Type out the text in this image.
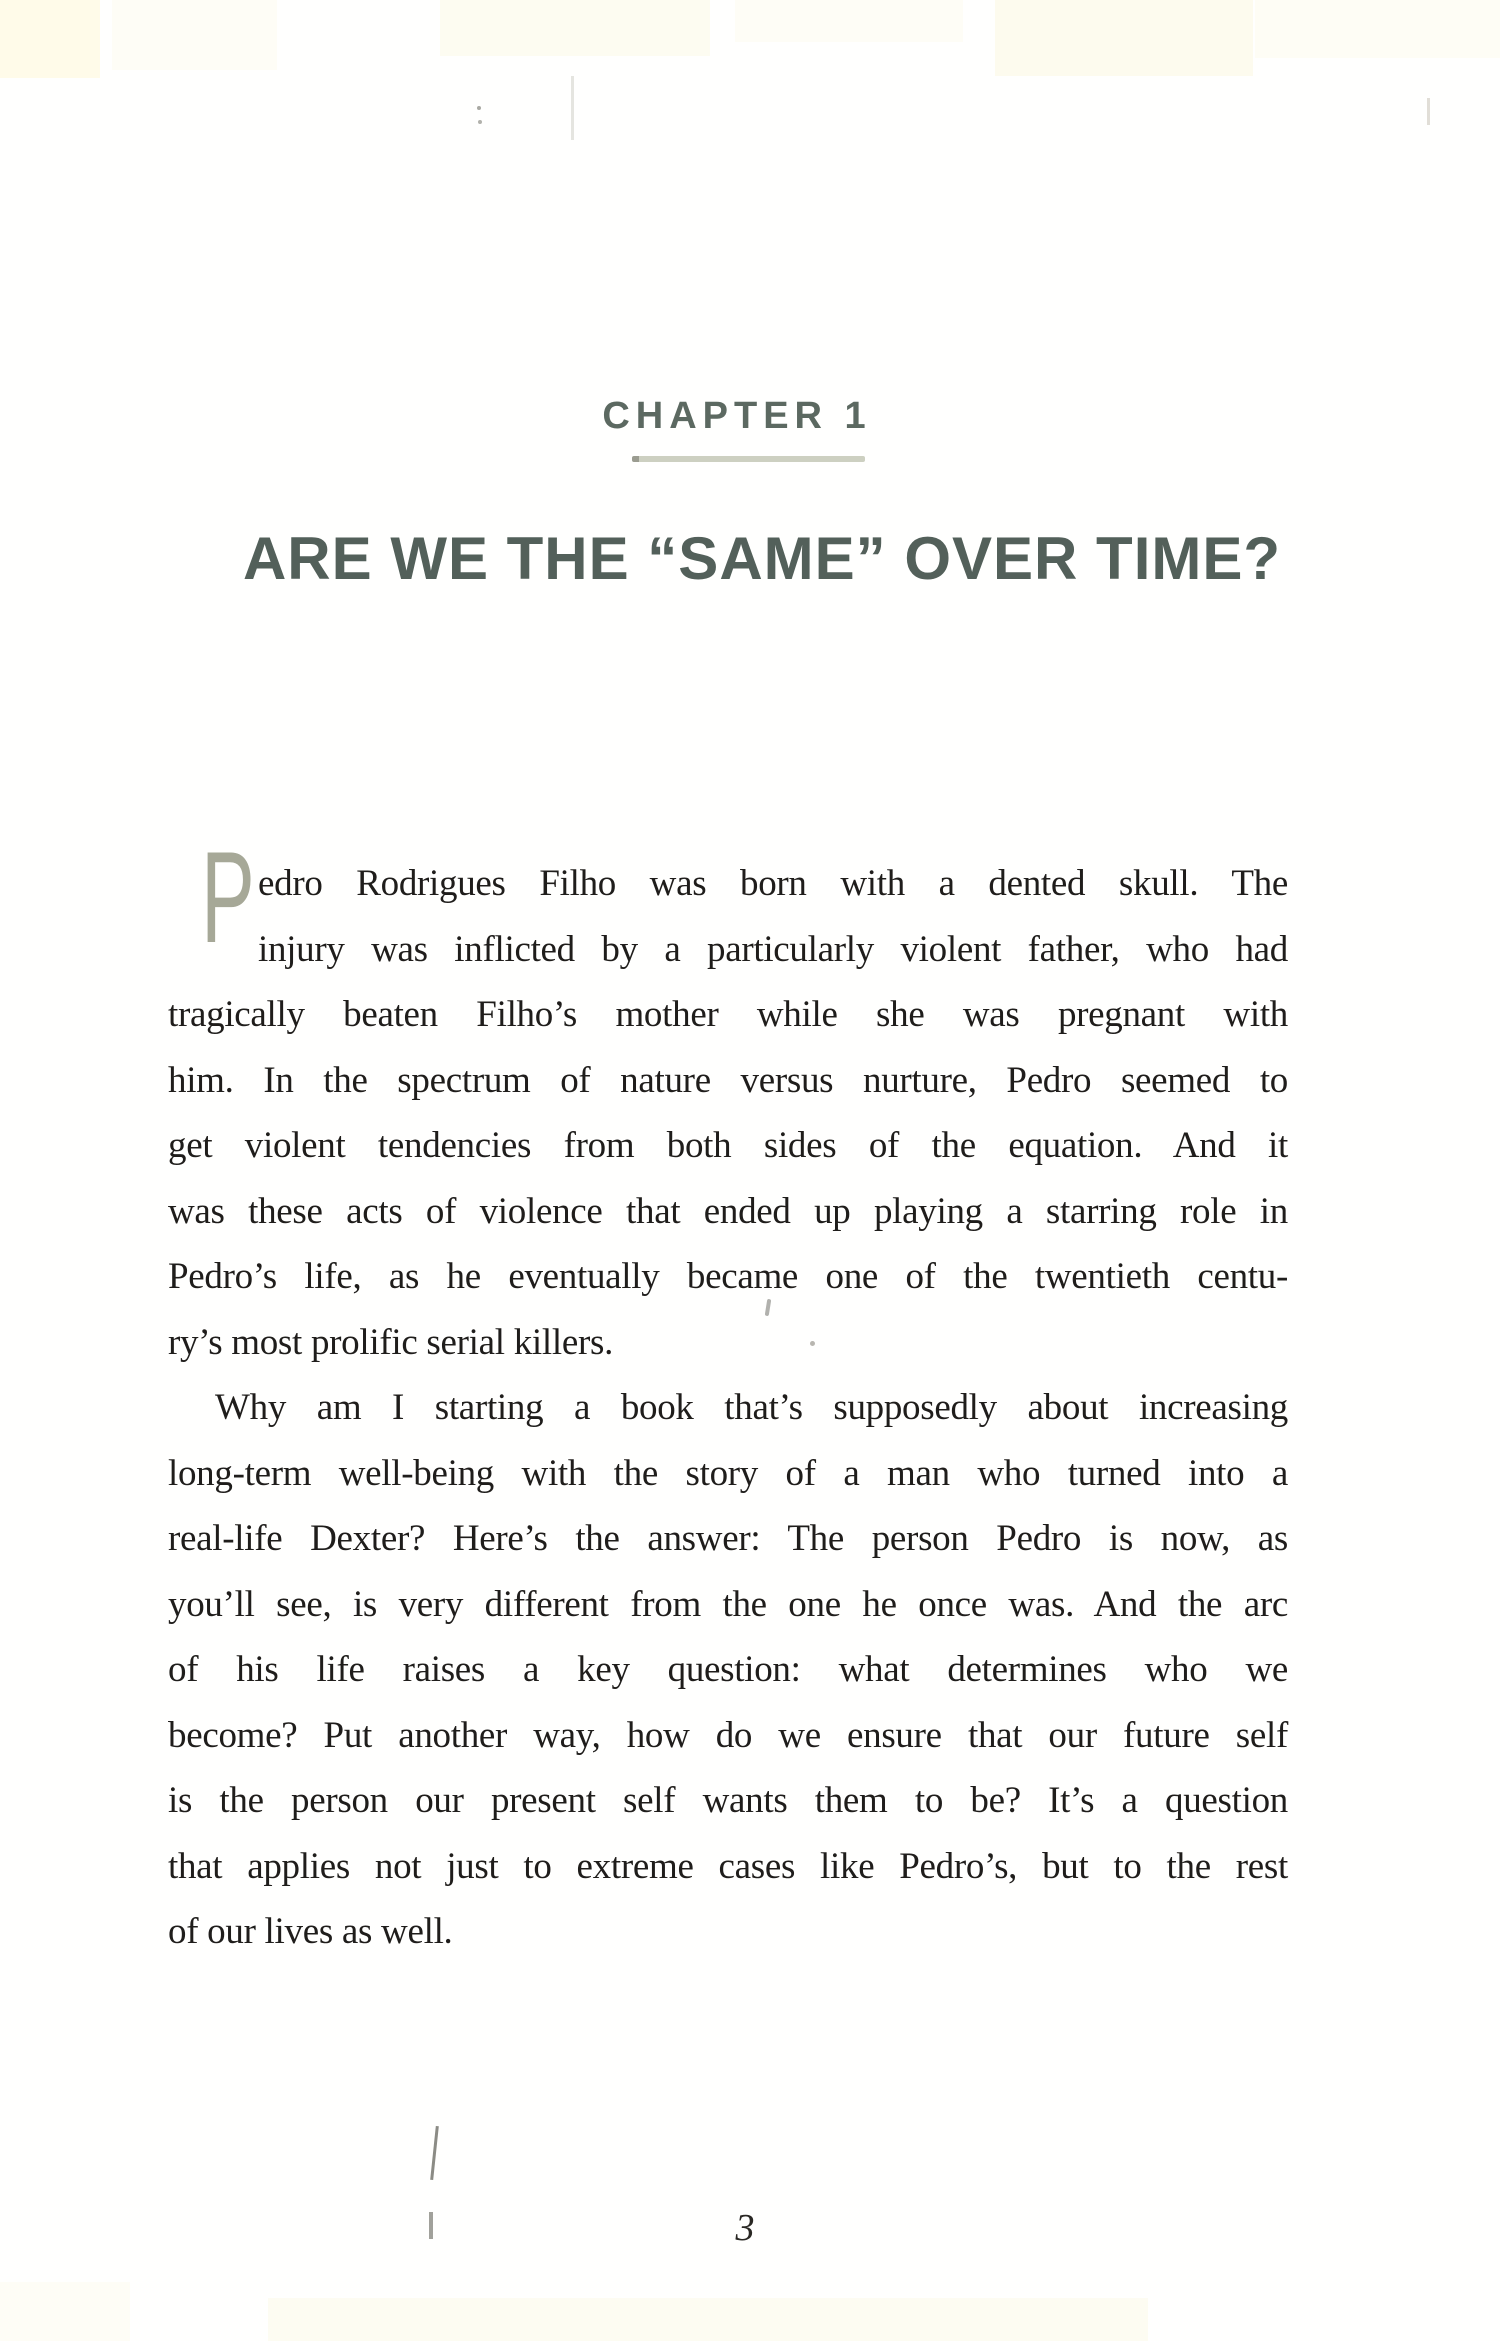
CHAPTER 1
ARE WE THE “SAME” OVER TIME?
P edro Rodrigues Filho was born with a dented skull. The
injury was inflicted by a particularly violent father, who had
tragically beaten Filho’s mother while she was pregnant with
him. In the spectrum of nature versus nurture, Pedro seemed to
get violent tendencies from both sides of the equation. And it
was these acts of violence that ended up playing a starring role in
Pedro’s life, as he eventually became one of the twentieth centu-
ry’s most prolific serial killers.
Why am I starting a book that’s supposedly about increasing
long-term well-being with the story of a man who turned into a
real-life Dexter? Here’s the answer: The person Pedro is now, as
you’ll see, is very different from the one he once was. And the arc
of his life raises a key question: what determines who we
become? Put another way, how do we ensure that our future self
is the person our present self wants them to be? It’s a question
that applies not just to extreme cases like Pedro’s, but to the rest
of our lives as well.
3
